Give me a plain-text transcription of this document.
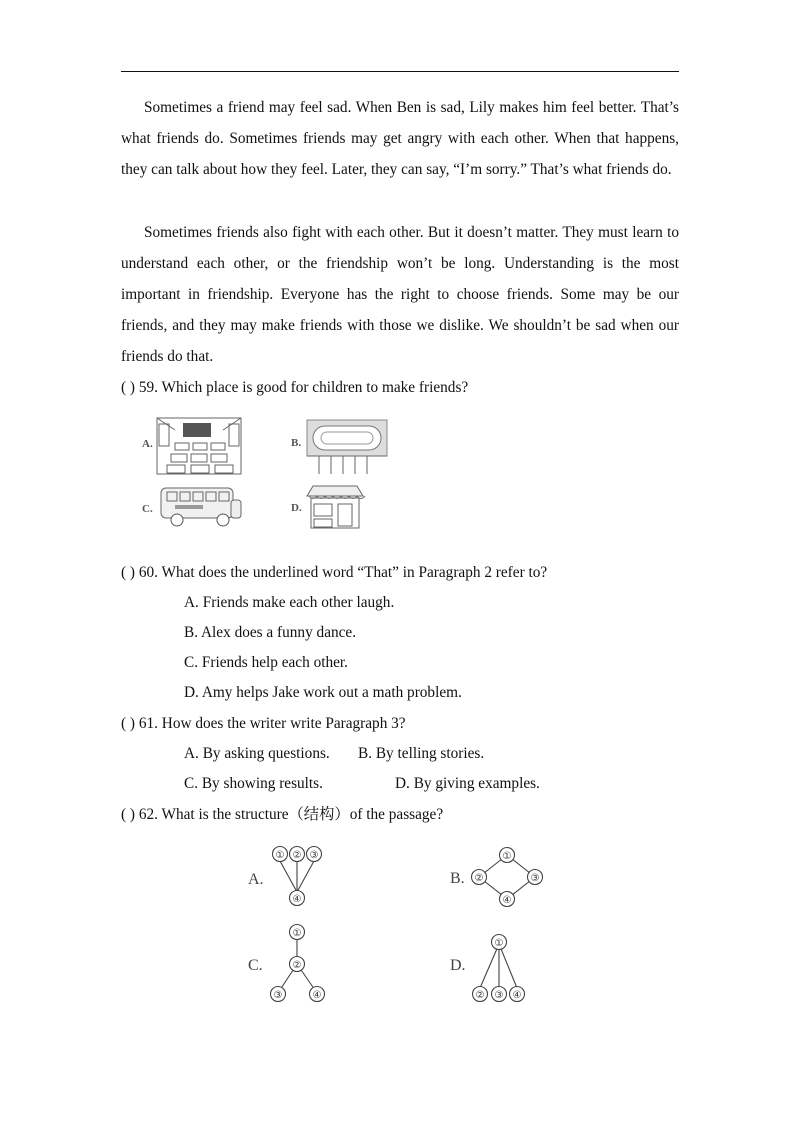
Sometimes a friend may feel sad. When Ben is sad, Lily makes him feel better. That’s what friends do. Sometimes friends may get angry with each other. When that happens, they can talk about how they feel. Later, they can say, “I’m sorry.” That’s what friends do.

Sometimes friends also fight with each other. But it doesn’t matter. They must learn to understand each other, or the friendship won’t be long. Understanding is the most important in friendship. Everyone has the right to choose friends. Some may be our friends, and they may make friends with those we dislike. We shouldn’t be sad when our friends do that.

( ) 59. Which place is good for children to make friends?
A.	B.
C.	D.
( ) 60. What does the underlined word “That” in Paragraph 2 refer to?
A. Friends make each other laugh.
B. Alex does a funny dance.
C. Friends help each other.
D. Amy helps Jake work out a math problem.
( ) 61. How does the writer write Paragraph 3?
A. By asking questions. B. By telling stories.
C. By showing results.	D. By giving examples.
( ) 62. What is the structure（结构）of the passage?
A.
① ② ③
④
B.
①
②	③
④
C.
①
②
③	④
D.
①
② ③ ④
